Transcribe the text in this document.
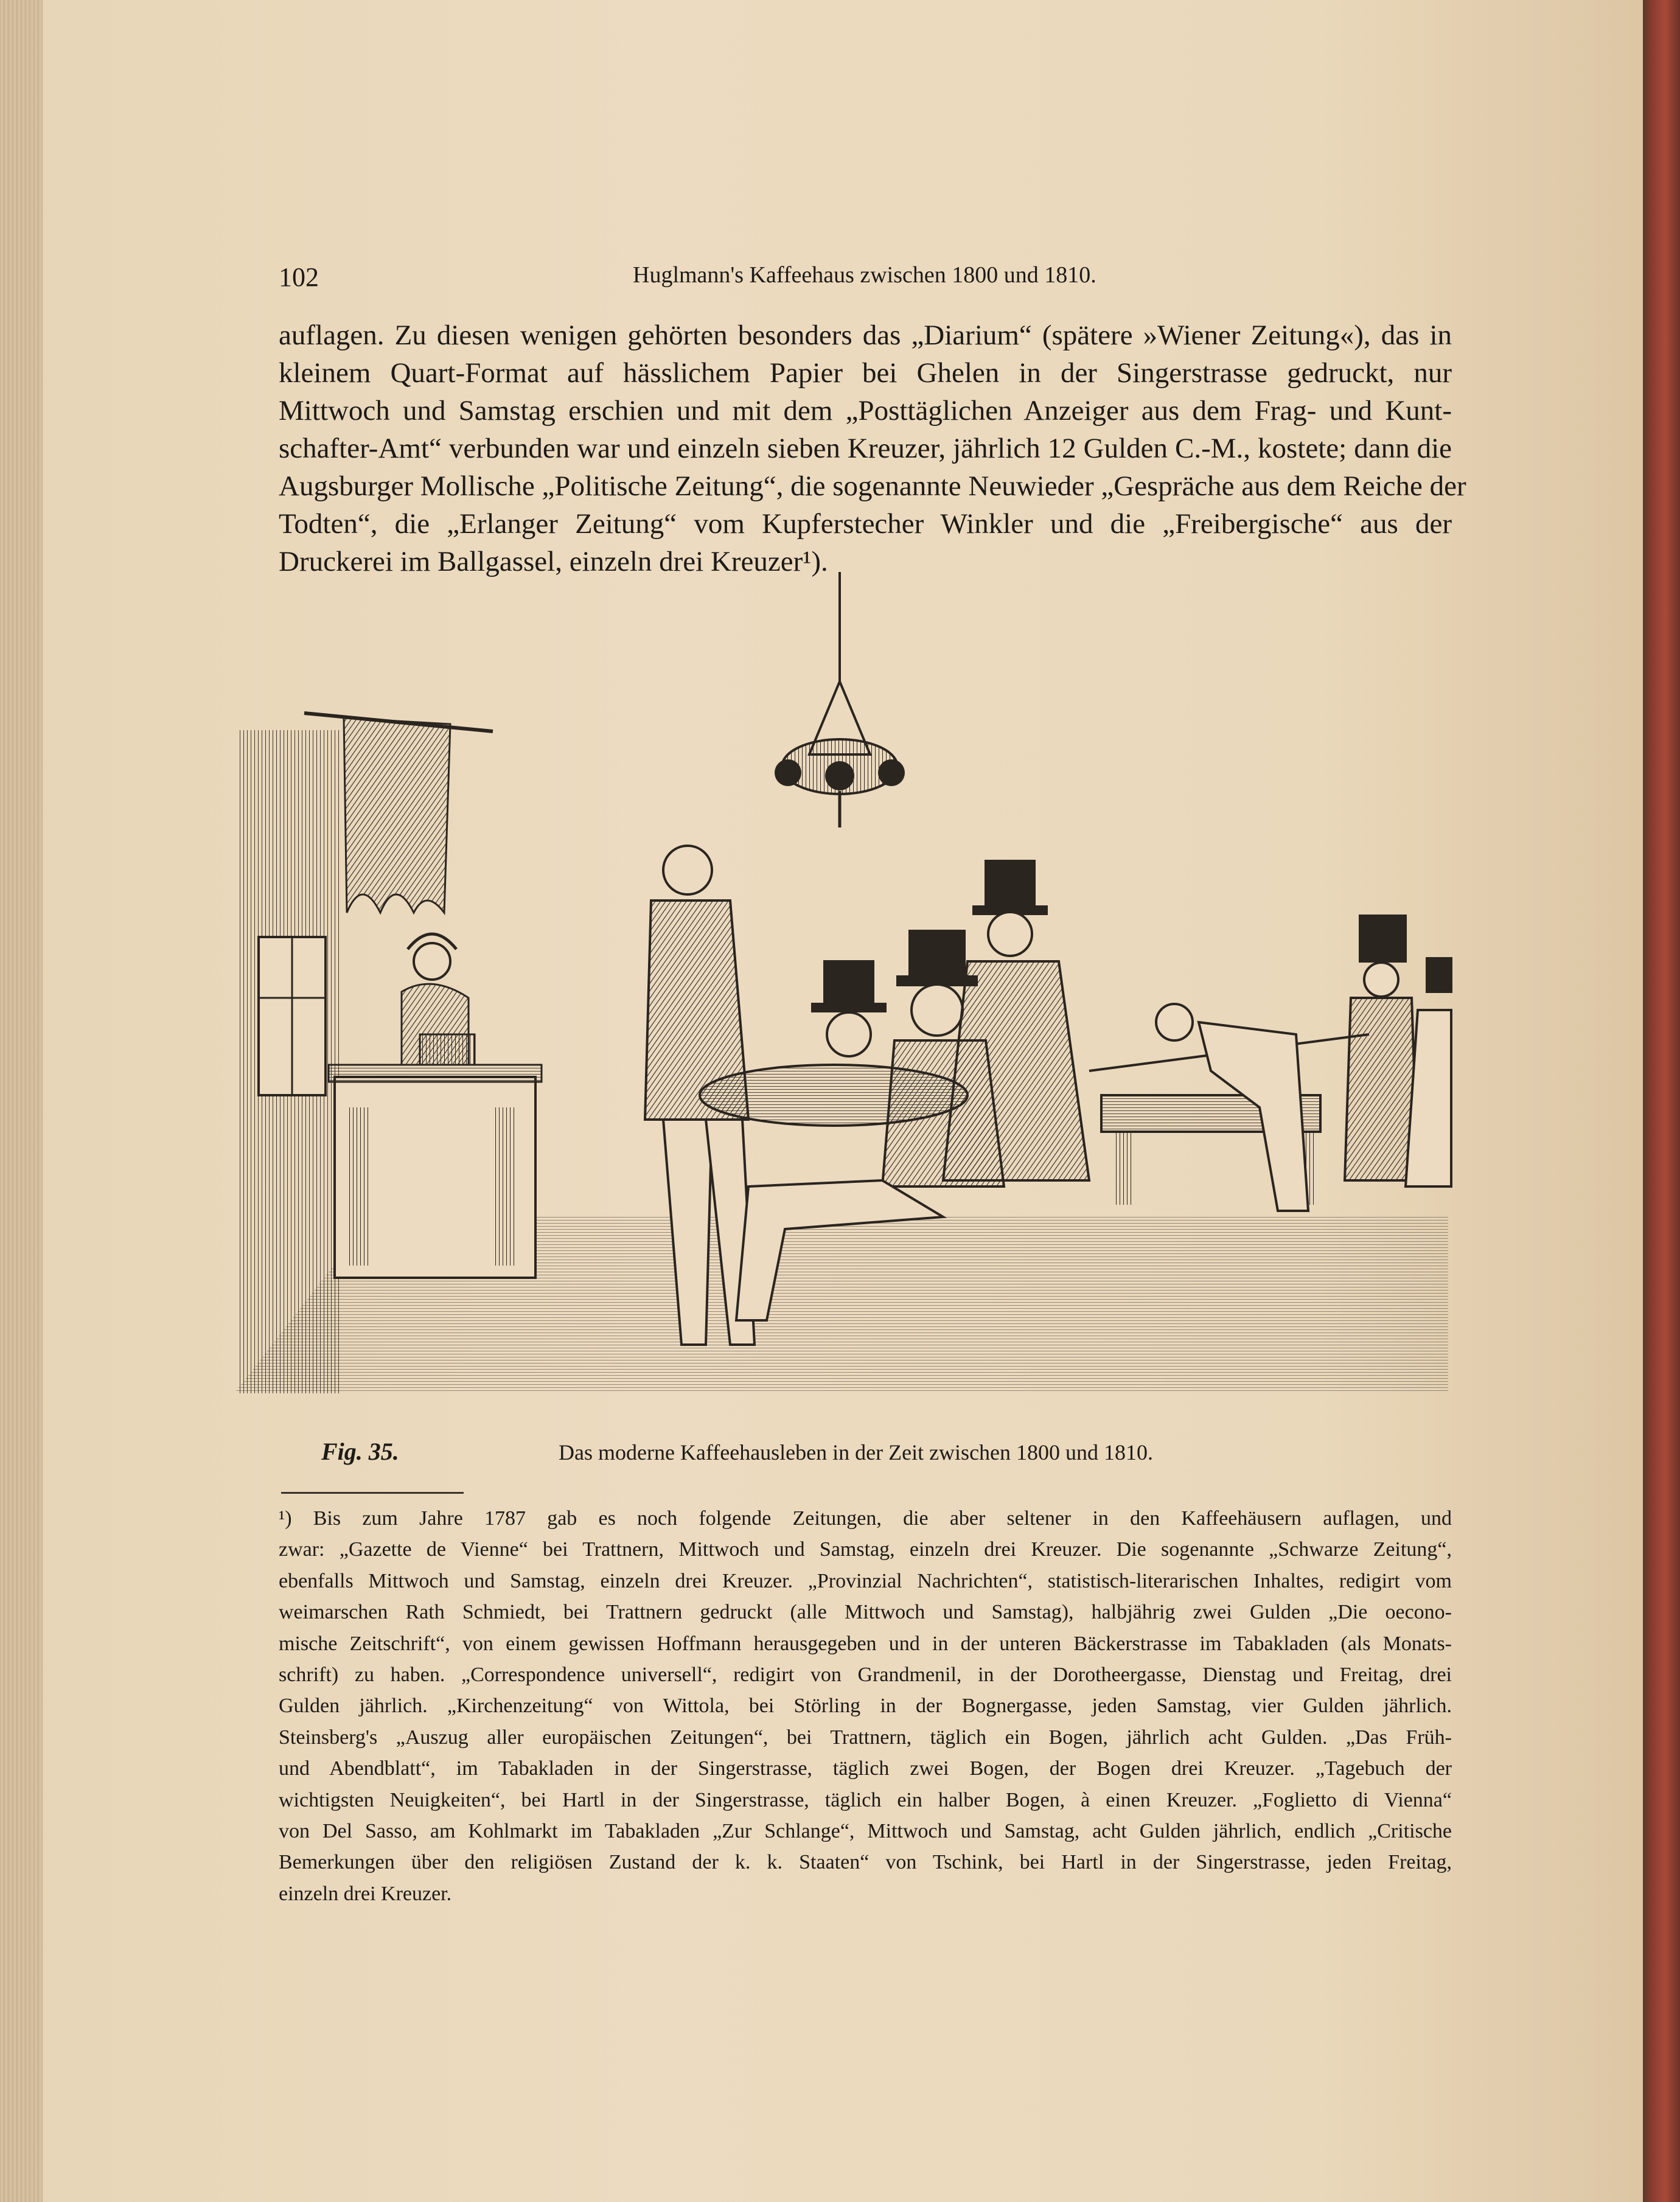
102	Huglmann's Kaffeehaus zwischen 1800 und 1810.
auflagen. Zu diesen wenigen gehörten besonders das „Diarium“ (spätere »Wiener Zeitung«), das in
kleinem Quart-Format auf hässlichem Papier bei Ghelen in der Singerstrasse gedruckt, nur
Mittwoch und Samstag erschien und mit dem „Posttäglichen Anzeiger aus dem Frag- und Kunt-
schafter-Amt“ verbunden war und einzeln sieben Kreuzer, jährlich 12 Gulden C.-M., kostete; dann die
Augsburger Mollische „Politische Zeitung“, die sogenannte Neuwieder „Gespräche aus dem Reiche der
Todten“, die „Erlanger Zeitung“ vom Kupferstecher Winkler und die „Freibergische“ aus der
Druckerei im Ballgassel, einzeln drei Kreuzer¹).
Fig. 35.	Das moderne Kaffeehausleben in der Zeit zwischen 1800 und 1810.
¹) Bis zum Jahre 1787 gab es noch folgende Zeitungen, die aber seltener in den Kaffeehäusern auflagen, und
zwar: „Gazette de Vienne“ bei Trattnern, Mittwoch und Samstag, einzeln drei Kreuzer. Die sogenannte „Schwarze Zeitung“,
ebenfalls Mittwoch und Samstag, einzeln drei Kreuzer. „Provinzial Nachrichten“, statistisch-literarischen Inhaltes, redigirt vom
weimarschen Rath Schmiedt, bei Trattnern gedruckt (alle Mittwoch und Samstag), halbjährig zwei Gulden „Die oecono-
mische Zeitschrift“, von einem gewissen Hoffmann herausgegeben und in der unteren Bäckerstrasse im Tabakladen (als Monats-
schrift) zu haben. „Correspondence universell“, redigirt von Grandmenil, in der Dorotheergasse, Dienstag und Freitag, drei
Gulden jährlich. „Kirchenzeitung“ von Wittola, bei Störling in der Bognergasse, jeden Samstag, vier Gulden jährlich.
Steinsberg's „Auszug aller europäischen Zeitungen“, bei Trattnern, täglich ein Bogen, jährlich acht Gulden. „Das Früh-
und Abendblatt“, im Tabakladen in der Singerstrasse, täglich zwei Bogen, der Bogen drei Kreuzer. „Tagebuch der
wichtigsten Neuigkeiten“, bei Hartl in der Singerstrasse, täglich ein halber Bogen, à einen Kreuzer. „Foglietto di Vienna“
von Del Sasso, am Kohlmarkt im Tabakladen „Zur Schlange“, Mittwoch und Samstag, acht Gulden jährlich, endlich „Critische
Bemerkungen über den religiösen Zustand der k. k. Staaten“ von Tschink, bei Hartl in der Singerstrasse, jeden Freitag,
einzeln drei Kreuzer.
